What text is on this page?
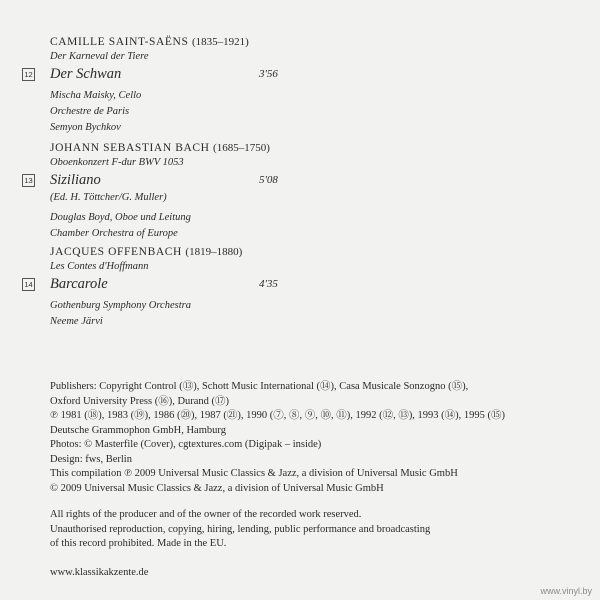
CAMILLE SAINT-SAËNS (1835–1921)
Der Karneval der Tiere
12 Der Schwan	3'56
Mischa Maisky, Cello
Orchestre de Paris
Semyon Bychkov
JOHANN SEBASTIAN BACH (1685–1750)
Oboenkonzert F-dur BWV 1053
13 Siziliano	5'08
(Ed. H. Töttcher/G. Muller)
Douglas Boyd, Oboe und Leitung
Chamber Orchestra of Europe
JACQUES OFFENBACH (1819–1880)
Les Contes d'Hoffmann
14 Barcarole	4'35
Gothenburg Symphony Orchestra
Neeme Järvi
Publishers: Copyright Control (⑬), Schott Music International (⑭), Casa Musicale Sonzogno (⑮),
Oxford University Press (⑯), Durand (⑰)
℗ 1981 (⑱), 1983 (⑲), 1986 (⑳), 1987 (㉑), 1990 (⑦, ⑧, ⑨, ⑩, ⑪), 1992 (⑫, ⑬), 1993 (⑭), 1995 (⑮)
Deutsche Grammophon GmbH, Hamburg
Photos: © Masterfile (Cover), cgtextures.com (Digipak – inside)
Design: fws, Berlin
This compilation ℗ 2009 Universal Music Classics & Jazz, a division of Universal Music GmbH
© 2009 Universal Music Classics & Jazz, a division of Universal Music GmbH
All rights of the producer and of the owner of the recorded work reserved.
Unauthorised reproduction, copying, hiring, lending, public performance and broadcasting
of this record prohibited. Made in the EU.
www.klassikakzente.de
www.vinyl.by
